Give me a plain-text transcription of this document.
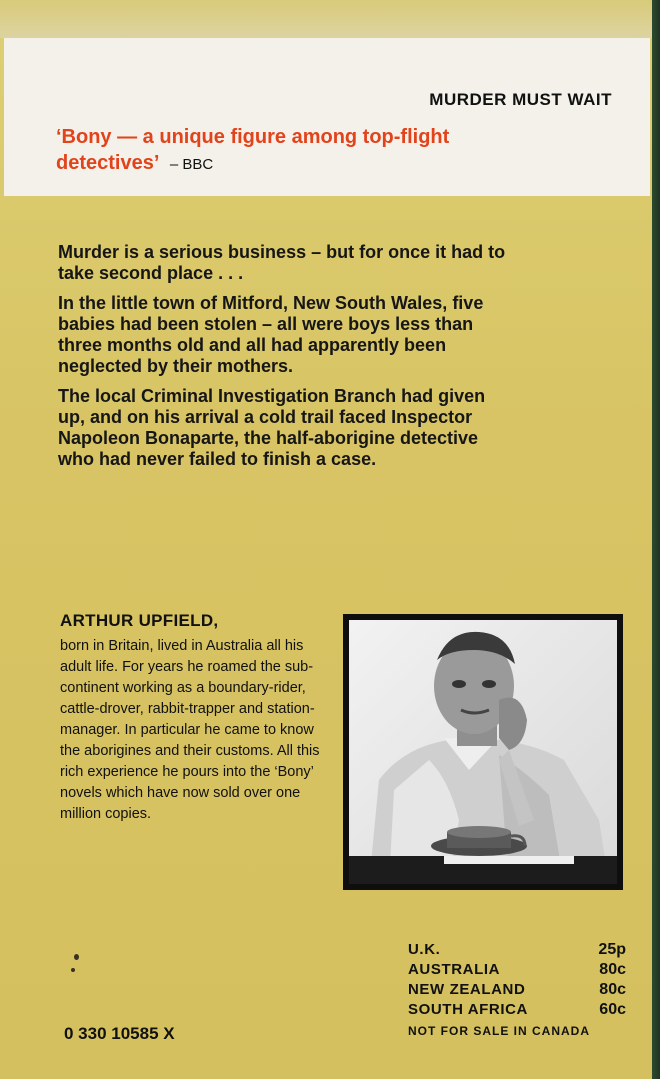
MURDER MUST WAIT
‘Bony — a unique figure among top-flight detectives’ – BBC

Murder is a serious business – but for once it had to take second place . . .

In the little town of Mitford, New South Wales, five babies had been stolen – all were boys less than three months old and all had apparently been neglected by their mothers.

The local Criminal Investigation Branch had given up, and on his arrival a cold trail faced Inspector Napoleon Bonaparte, the half-aborigine detective who had never failed to finish a case.

ARTHUR UPFIELD,
born in Britain, lived in Australia all his adult life. For years he roamed the sub-continent working as a boundary-rider, cattle-drover, rabbit-trapper and station-manager. In particular he came to know the aborigines and their customs. All this rich experience he pours into the ‘Bony’ novels which have now sold over one million copies.
U.K.	25p
AUSTRALIA	80c
NEW ZEALAND	80c
SOUTH AFRICA	60c
NOT FOR SALE IN CANADA
0 330 10585 X
